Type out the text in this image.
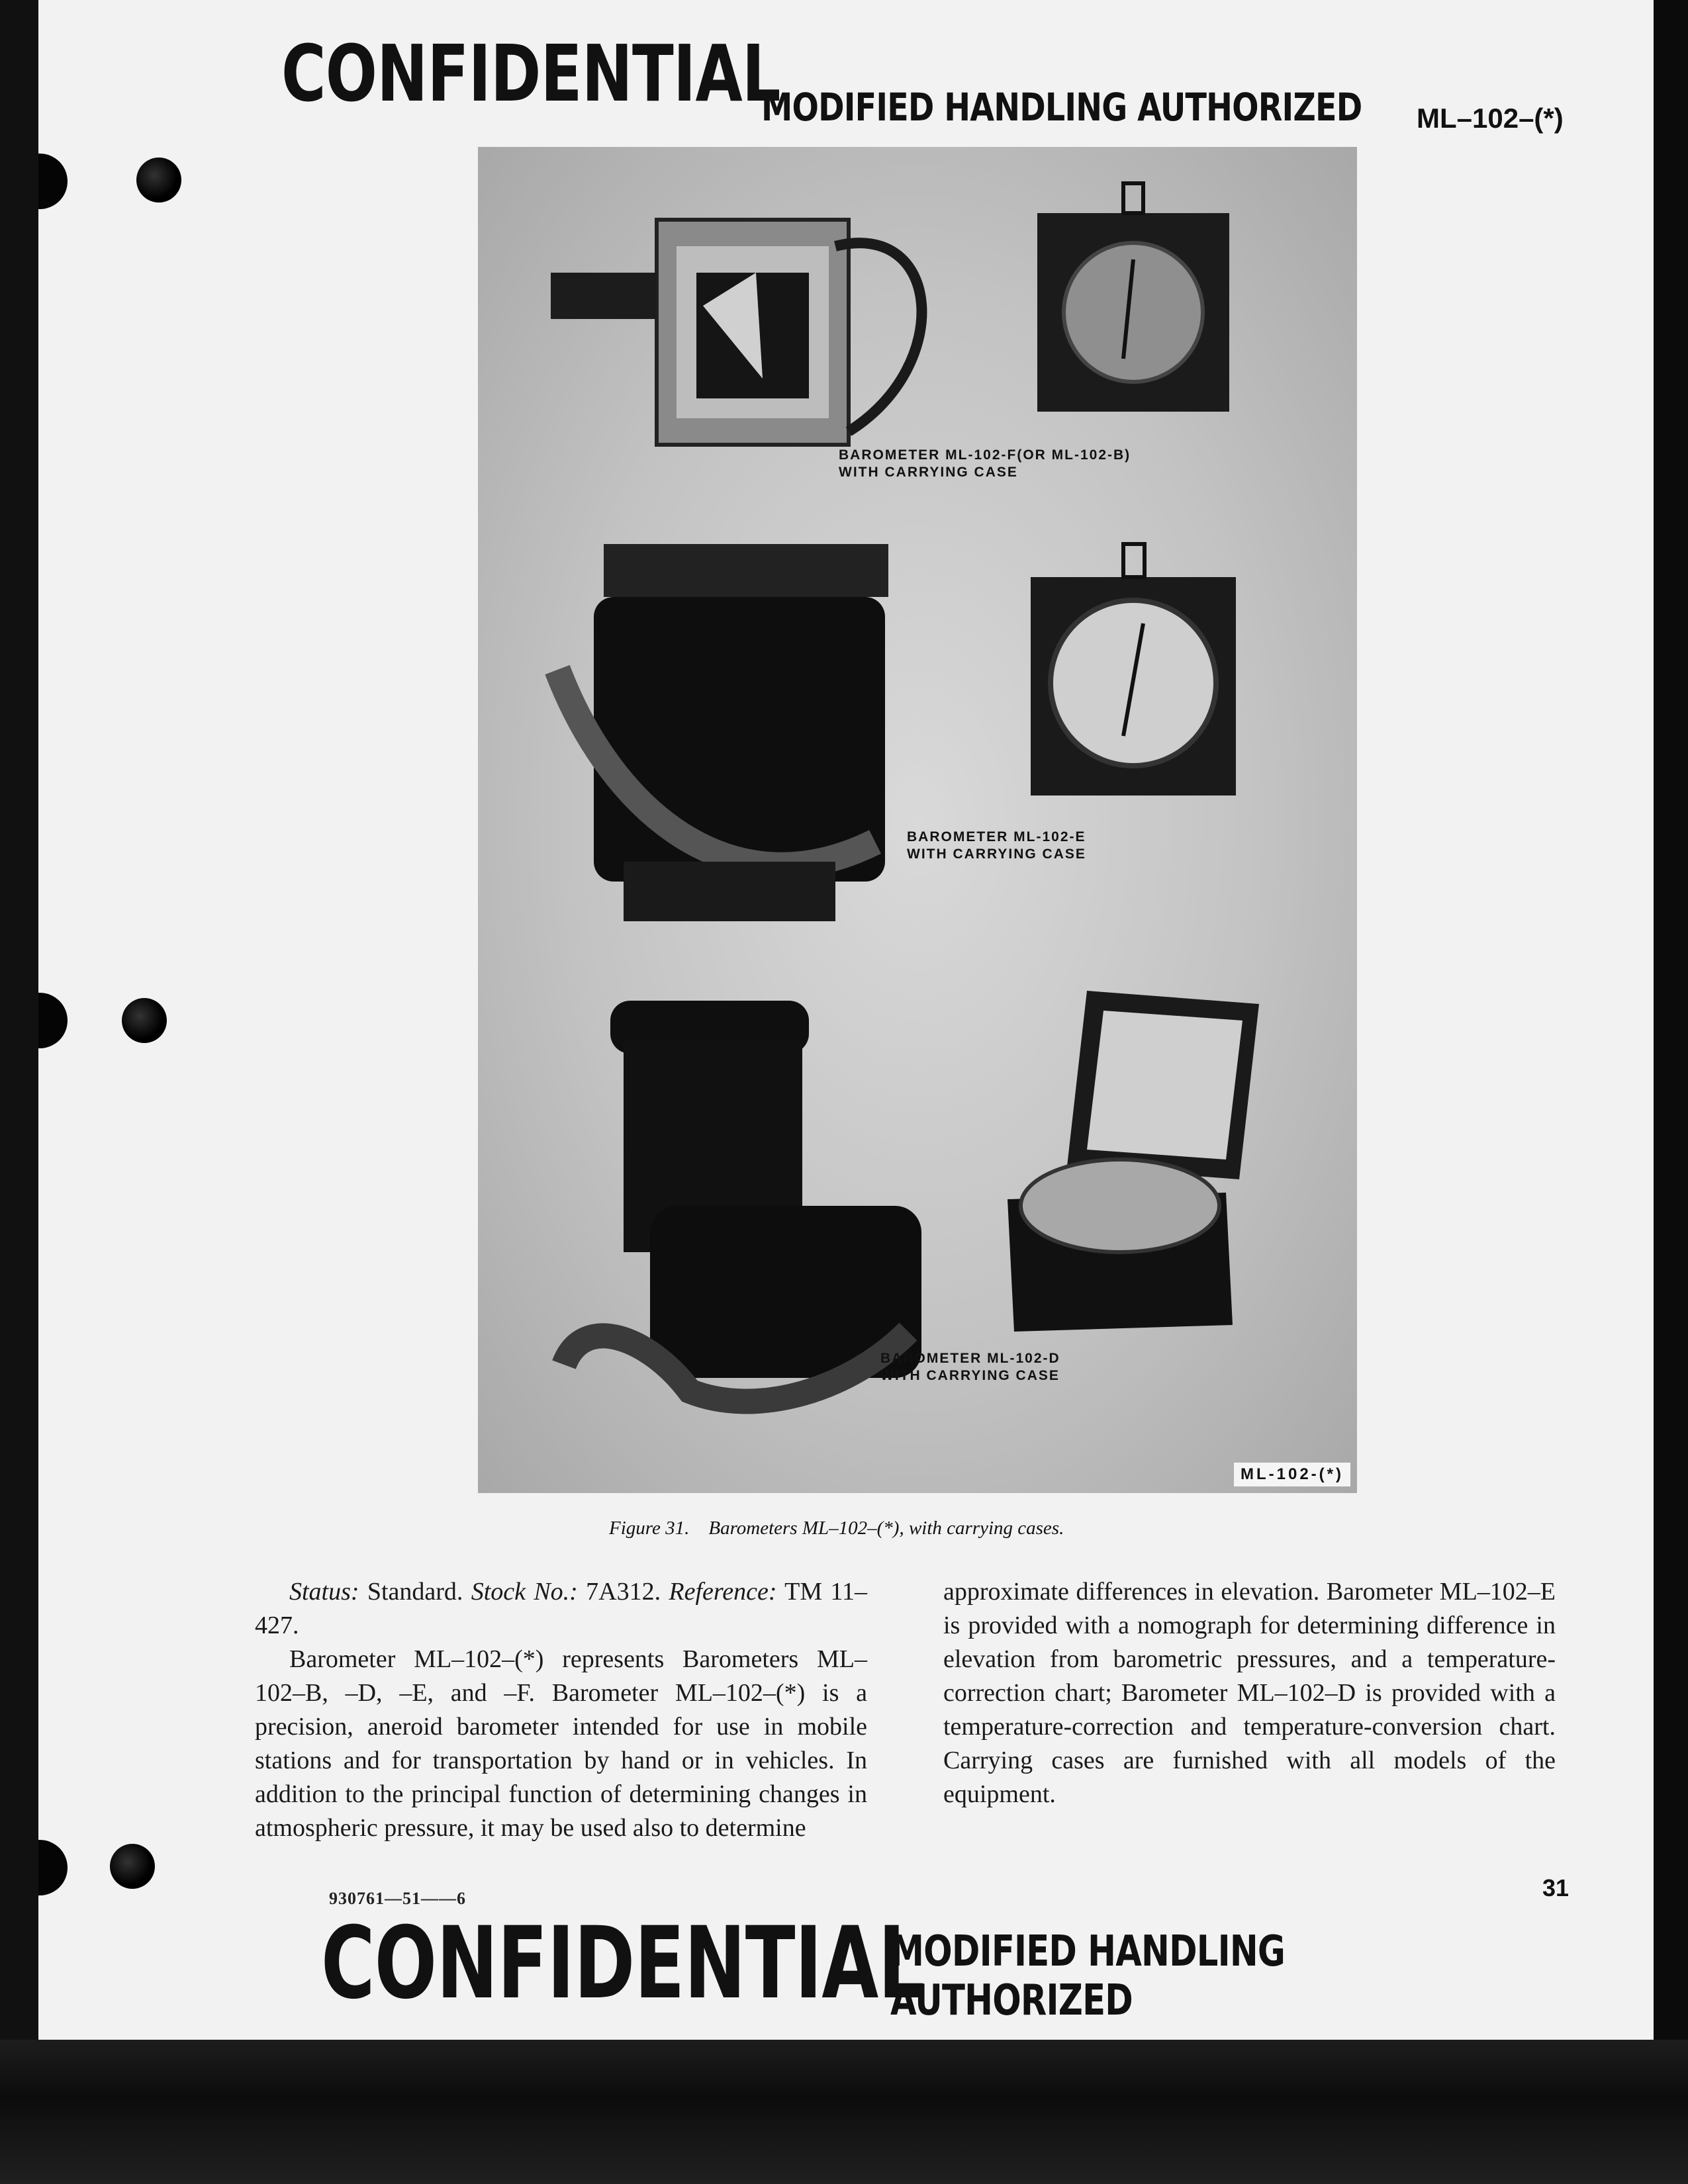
CONFIDENTIAL
MODIFIED HANDLING AUTHORIZED ML–102–(*)
BAROMETER ML-102-F(OR ML-102-B)
WITH CARRYING CASE
BAROMETER ML-102-E
WITH CARRYING CASE
BAROMETER ML-102-D
WITH CARRYING CASE
ML-102-(*)
Figure 31. Barometers ML–102–(*), with carrying cases.

Status: Standard. Stock No.: 7A312. Reference: TM 11–427.

Barometer ML–102–(*) represents Barometers ML–102–B, –D, –E, and –F. Barometer ML–102–(*) is a precision, aneroid barometer intended for use in mobile stations and for transportation by hand or in vehicles. In addition to the principal function of determining changes in atmospheric pressure, it may be used also to determine

approximate differences in elevation. Barometer ML–102–E is provided with a nomograph for determining difference in elevation from barometric pressures, and a temperature-correction chart; Barometer ML–102–D is provided with a temperature-correction and temperature-conversion chart. Carrying cases are furnished with all models of the equipment.

31
930761—51——6
CONFIDENTIAL
MODIFIED HANDLING AUTHORIZED
